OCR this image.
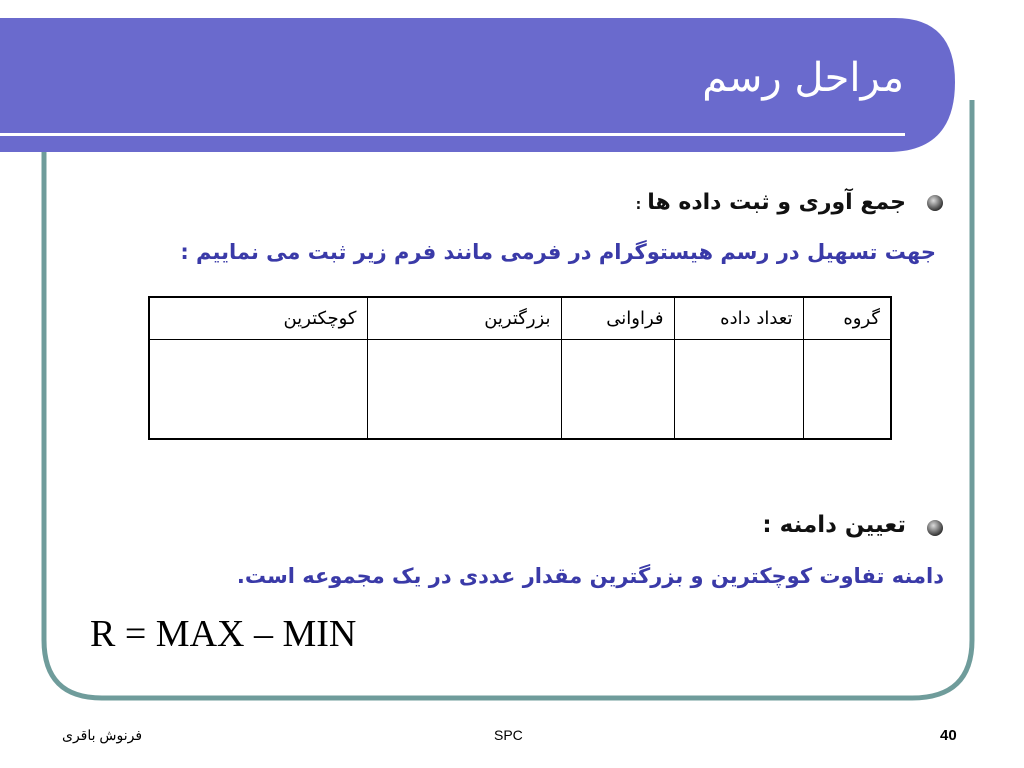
مراحل رسم
جمع آوری و ثبت داده ها:
جهت تسهیل در رسم هیستوگرام در فرمی مانند فرم زیر ثبت می نماییم :
گروه	تعداد داده	فراوانی	بزرگترین	کوچکترین

تعیین دامنه :
دامنه تفاوت کوچکترین و بزرگترین مقدار عددی در یک مجموعه است.
R = MAX – MIN
فرنوش باقری	SPC	40
